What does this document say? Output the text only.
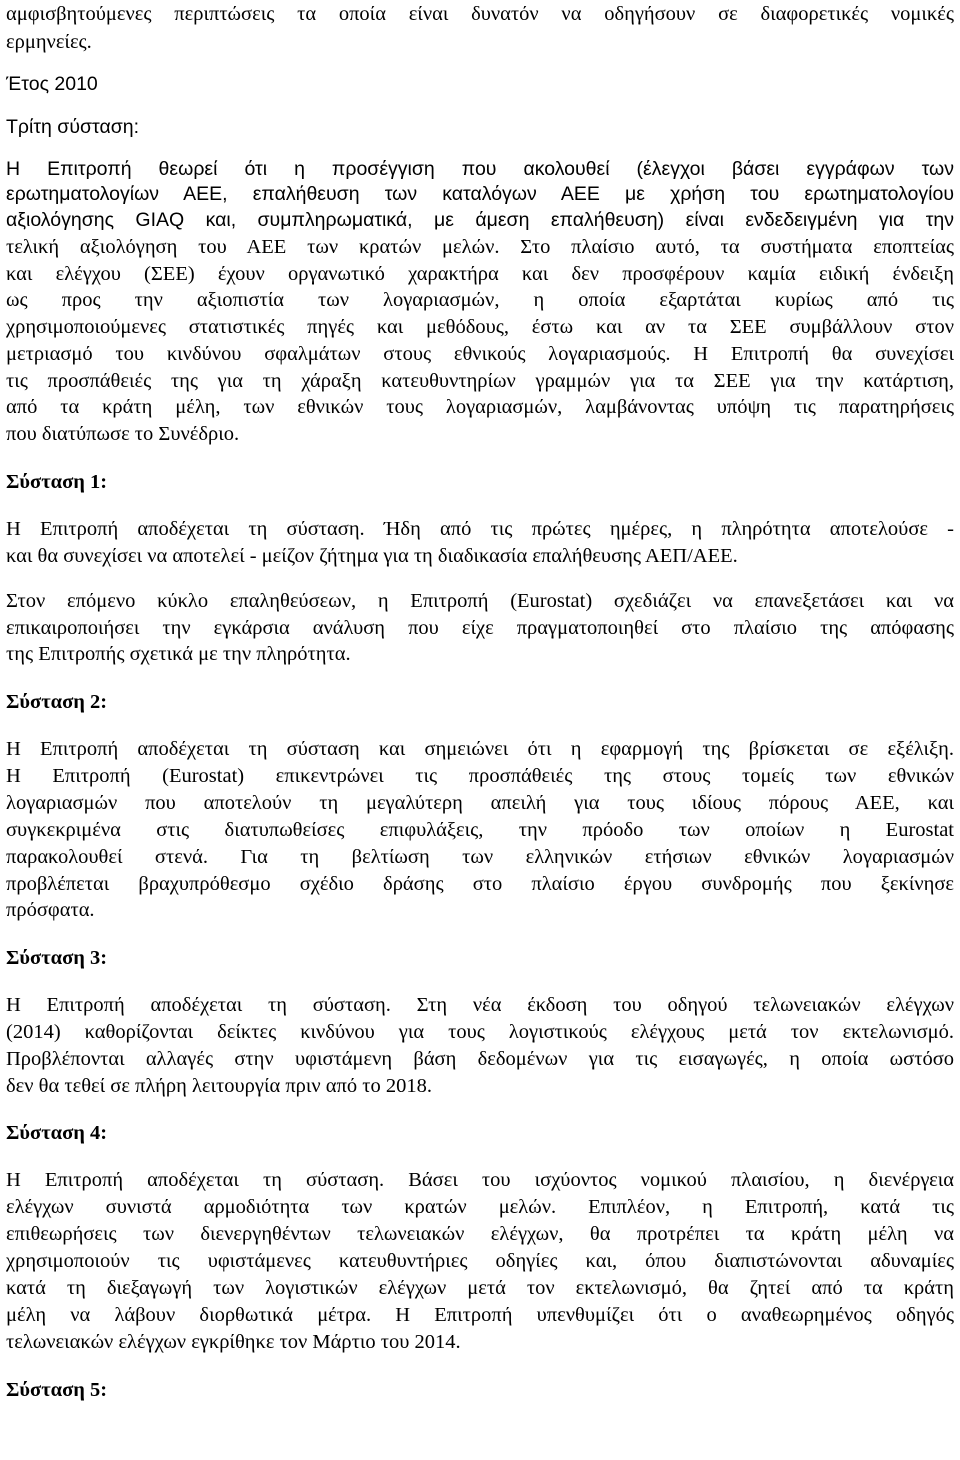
αμφισβητούμενες περιπτώσεις τα οποία είναι δυνατόν να οδηγήσουν σε διαφορετικές νομικές
ερμηνείες.
Έτος 2010
Τρίτη σύσταση:
Η Επιτροπή θεωρεί ότι η προσέγγιση που ακολουθεί (έλεγχοι βάσει εγγράφων των
ερωτηματολογίων ΑΕΕ, επαλήθευση των καταλόγων ΑΕΕ με χρήση του ερωτηματολογίου
αξιολόγησης GIAQ και, συμπληρωματικά, με άμεση επαλήθευση) είναι ενδεδειγμένη για την
τελική αξιολόγηση του ΑΕΕ των κρατών μελών. Στο πλαίσιο αυτό, τα συστήματα εποπτείας
και ελέγχου (ΣΕΕ) έχουν οργανωτικό χαρακτήρα και δεν προσφέρουν καμία ειδική ένδειξη
ως προς την αξιοπιστία των λογαριασμών, η οποία εξαρτάται κυρίως από τις
χρησιμοποιούμενες στατιστικές πηγές και μεθόδους, έστω και αν τα ΣΕΕ συμβάλλουν στον
μετριασμό του κινδύνου σφαλμάτων στους εθνικούς λογαριασμούς. Η Επιτροπή θα συνεχίσει
τις προσπάθειές της για τη χάραξη κατευθυντηρίων γραμμών για τα ΣΕΕ για την κατάρτιση,
από τα κράτη μέλη, των εθνικών τους λογαριασμών, λαμβάνοντας υπόψη τις παρατηρήσεις
που διατύπωσε το Συνέδριο.
Σύσταση 1:
Η Επιτροπή αποδέχεται τη σύσταση. Ήδη από τις πρώτες ημέρες, η πληρότητα αποτελούσε -
και θα συνεχίσει να αποτελεί - μείζον ζήτημα για τη διαδικασία επαλήθευσης ΑΕΠ/ΑΕΕ.
Στον επόμενο κύκλο επαληθεύσεων, η Επιτροπή (Eurostat) σχεδιάζει να επανεξετάσει και να
επικαιροποιήσει την εγκάρσια ανάλυση που είχε πραγματοποιηθεί στο πλαίσιο της απόφασης
της Επιτροπής σχετικά με την πληρότητα.
Σύσταση 2:
Η Επιτροπή αποδέχεται τη σύσταση και σημειώνει ότι η εφαρμογή της βρίσκεται σε εξέλιξη.
Η Επιτροπή (Eurostat) επικεντρώνει τις προσπάθειές της στους τομείς των εθνικών
λογαριασμών που αποτελούν τη μεγαλύτερη απειλή για τους ιδίους πόρους ΑΕΕ, και
συγκεκριμένα στις διατυπωθείσες επιφυλάξεις, την πρόοδο των οποίων η Eurostat
παρακολουθεί στενά. Για τη βελτίωση των ελληνικών ετήσιων εθνικών λογαριασμών
προβλέπεται βραχυπρόθεσμο σχέδιο δράσης στο πλαίσιο έργου συνδρομής που ξεκίνησε
πρόσφατα.
Σύσταση 3:
Η Επιτροπή αποδέχεται τη σύσταση. Στη νέα έκδοση του οδηγού τελωνειακών ελέγχων
(2014) καθορίζονται δείκτες κινδύνου για τους λογιστικούς ελέγχους μετά τον εκτελωνισμό.
Προβλέπονται αλλαγές στην υφιστάμενη βάση δεδομένων για τις εισαγωγές, η οποία ωστόσο
δεν θα τεθεί σε πλήρη λειτουργία πριν από το 2018.
Σύσταση 4:
Η Επιτροπή αποδέχεται τη σύσταση. Βάσει του ισχύοντος νομικού πλαισίου, η διενέργεια
ελέγχων συνιστά αρμοδιότητα των κρατών μελών. Επιπλέον, η Επιτροπή, κατά τις
επιθεωρήσεις των διενεργηθέντων τελωνειακών ελέγχων, θα προτρέπει τα κράτη μέλη να
χρησιμοποιούν τις υφιστάμενες κατευθυντήριες οδηγίες και, όπου διαπιστώνονται αδυναμίες
κατά τη διεξαγωγή των λογιστικών ελέγχων μετά τον εκτελωνισμό, θα ζητεί από τα κράτη
μέλη να λάβουν διορθωτικά μέτρα. Η Επιτροπή υπενθυμίζει ότι ο αναθεωρημένος οδηγός
τελωνειακών ελέγχων εγκρίθηκε τον Μάρτιο του 2014.
Σύσταση 5:
